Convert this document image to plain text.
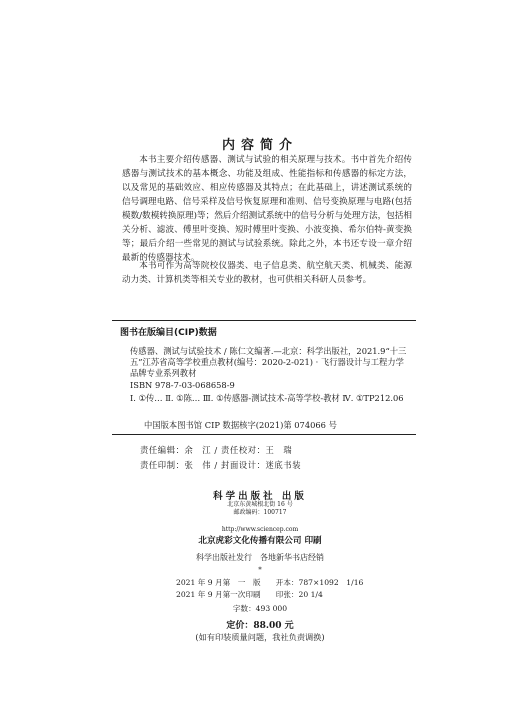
内容简介

本书主要介绍传感器、测试与试验的相关原理与技术。书中首先介绍传感器与测试技术的基本概念、功能及组成、性能指标和传感器的标定方法，以及常见的基础效应、相应传感器及其特点；在此基础上，讲述测试系统的信号调理电路、信号采样及信号恢复原理和准则、信号变换原理与电路(包括模数/数模转换原理)等；然后介绍测试系统中的信号分析与处理方法，包括相关分析、滤波、傅里叶变换、短时傅里叶变换、小波变换、希尔伯特-黄变换等；最后介绍一些常见的测试与试验系统。除此之外，本书还专设一章介绍最新的传感器技术。

本书可作为高等院校仪器类、电子信息类、航空航天类、机械类、能源动力类、计算机类等相关专业的教材，也可供相关科研人员参考。

图书在版编目(CIP)数据
传感器、测试与试验技术 / 陈仁文编著.—北京：科学出版社，2021.9“十三五”江苏省高等学校重点教材(编号：2020-2-021) · 飞行器设计与工程力学品牌专业系列教材
ISBN 978-7-03-068658-9
Ⅰ. ①传… Ⅱ. ①陈… Ⅲ. ①传感器-测试技术-高等学校-教材 Ⅳ. ①TP212.06
中国版本图书馆 CIP 数据核字(2021)第 074066 号
责任编辑：余　江 / 责任校对：王　瑞
责任印制：张　伟 / 封面设计：迷底书装
科学出版社 出版
北京东黄城根北街 16 号
邮政编码：100717
http://www.sciencep.com
北京虎彩文化传播有限公司 印刷
科学出版社发行　各地新华书店经销
*
2021 年 9 月第　一　版　　开本：787×1092　1/16
2021 年 9 月第一次印刷　　印张：20 1/4
字数：493 000
定价：88.00 元
(如有印装质量问题，我社负责调换)
